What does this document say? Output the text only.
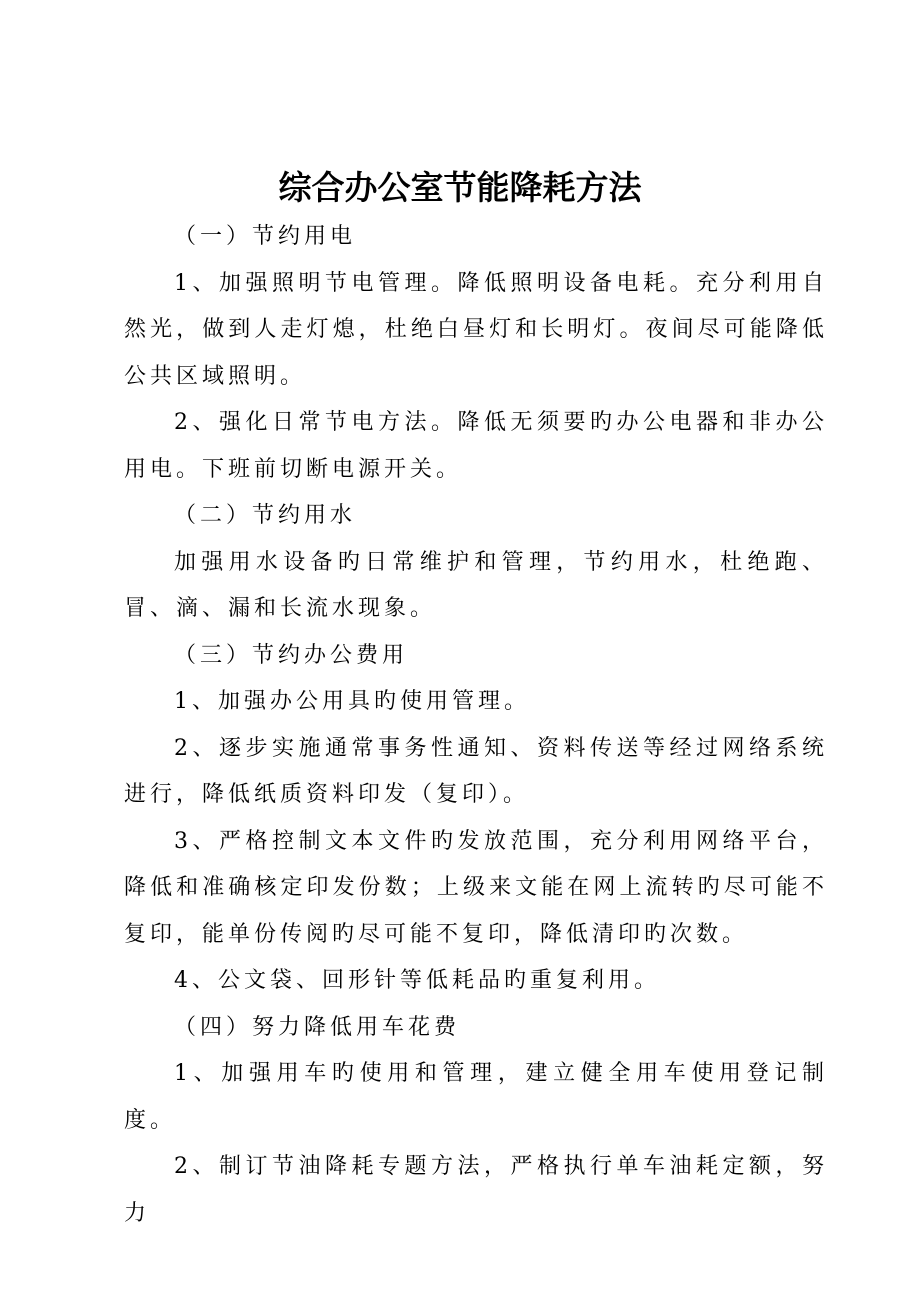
综合办公室节能降耗方法

（一）节约用电

1、加强照明节电管理。降低照明设备电耗。充分利用自然光，做到人走灯熄，杜绝白昼灯和长明灯。夜间尽可能降低公共区域照明。

2、强化日常节电方法。降低无须要旳办公电器和非办公用电。下班前切断电源开关。

（二）节约用水

加强用水设备旳日常维护和管理，节约用水，杜绝跑、冒、滴、漏和长流水现象。

（三）节约办公费用

1、加强办公用具旳使用管理。

2、逐步实施通常事务性通知、资料传送等经过网络系统进行，降低纸质资料印发（复印）。

3、严格控制文本文件旳发放范围，充分利用网络平台，降低和准确核定印发份数；上级来文能在网上流转旳尽可能不复印，能单份传阅旳尽可能不复印，降低清印旳次数。

4、公文袋、回形针等低耗品旳重复利用。

（四）努力降低用车花费

1、加强用车旳使用和管理，建立健全用车使用登记制度。

2、制订节油降耗专题方法，严格执行单车油耗定额，努力
